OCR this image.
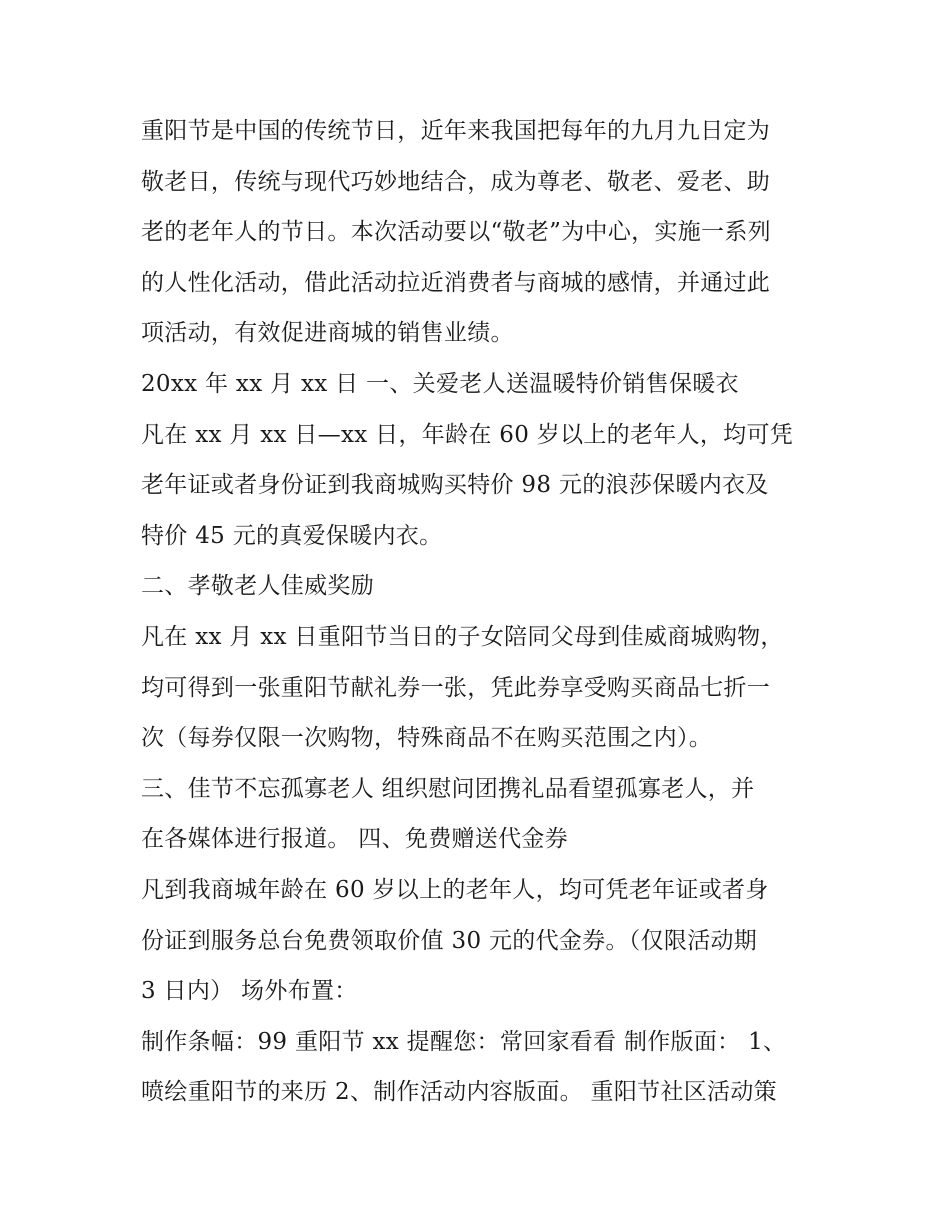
重阳节是中国的传统节日，近年来我国把每年的九月九日定为
敬老日，传统与现代巧妙地结合，成为尊老、敬老、爱老、助
老的老年人的节日。本次活动要以“敬老”为中心，实施一系列
的人性化活动，借此活动拉近消费者与商城的感情，并通过此
项活动，有效促进商城的销售业绩。
20xx 年 xx 月 xx 日 一、关爱老人送温暖特价销售保暖衣
凡在 xx 月 xx 日—xx 日，年龄在 60 岁以上的老年人，均可凭
老年证或者身份证到我商城购买特价 98 元的浪莎保暖内衣及
特价 45 元的真爱保暖内衣。
二、孝敬老人佳威奖励
凡在 xx 月 xx 日重阳节当日的子女陪同父母到佳威商城购物，
均可得到一张重阳节献礼券一张，凭此券享受购买商品七折一
次（每券仅限一次购物，特殊商品不在购买范围之内）。
三、佳节不忘孤寡老人 组织慰问团携礼品看望孤寡老人，并
在各媒体进行报道。 四、免费赠送代金券
凡到我商城年龄在 60 岁以上的老年人，均可凭老年证或者身
份证到服务总台免费领取价值 30 元的代金券。（仅限活动期
3 日内） 场外布置：
制作条幅：99 重阳节 xx 提醒您：常回家看看 制作版面： 1、
喷绘重阳节的来历 2、制作活动内容版面。 重阳节社区活动策
